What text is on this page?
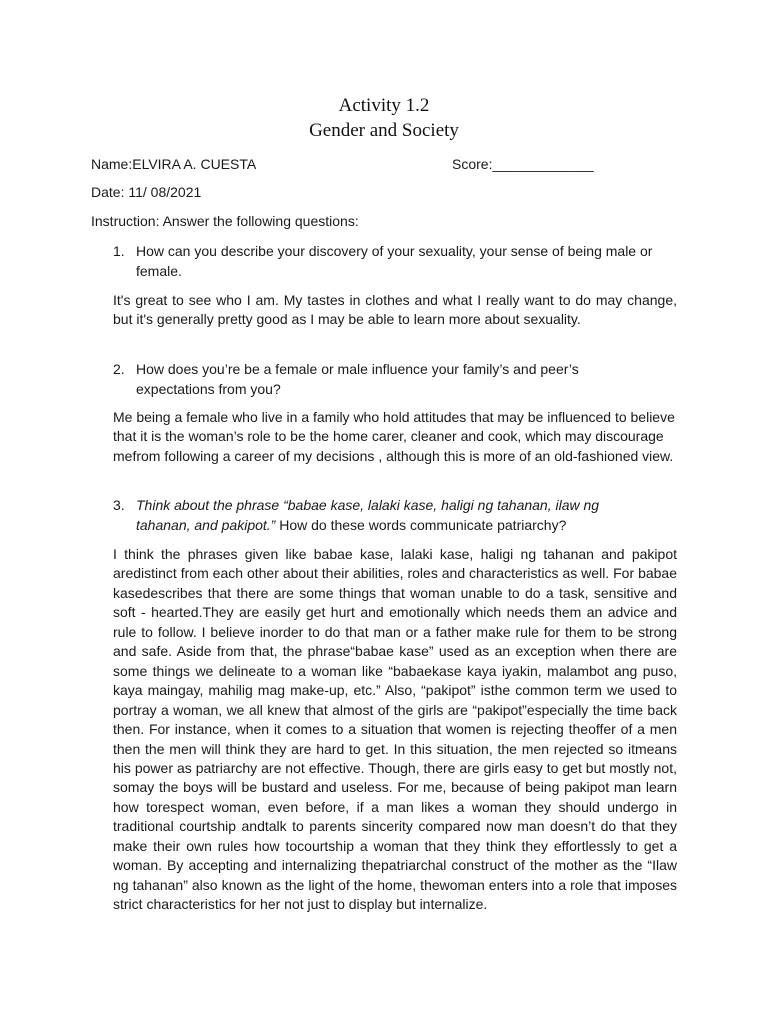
Activity 1.2
Gender and Society
Name:ELVIRA A. CUESTA	Score:_____________
Date: 11/ 08/2021
Instruction: Answer the following questions:
1. How can you describe your discovery of your sexuality, your sense of being male or female.
It's great to see who I am. My tastes in clothes and what I really want to do may change, but it's generally pretty good as I may be able to learn more about sexuality.
2. How does you’re be a female or male influence your family’s and peer’s expectations from you?
Me being a female who live in a family who hold attitudes that may be influenced to believe that it is the woman’s role to be the home carer, cleaner and cook, which may discourage mefrom following a career of my decisions , although this is more of an old-fashioned view.
3. Think about the phrase “babae kase, lalaki kase, haligi ng tahanan, ilaw ng tahanan, and pakipot.” How do these words communicate patriarchy?
I think the phrases given like babae kase, lalaki kase, haligi ng tahanan and pakipot aredistinct from each other about their abilities, roles and characteristics as well. For babae kasedescribes that there are some things that woman unable to do a task, sensitive and soft - hearted.They are easily get hurt and emotionally which needs them an advice and rule to follow. I believe inorder to do that man or a father make rule for them to be strong and safe. Aside from that, the phrase“babae kase” used as an exception when there are some things we delineate to a woman like “babaekase kaya iyakin, malambot ang puso, kaya maingay, mahilig mag make-up, etc.” Also, “pakipot” isthe common term we used to portray a woman, we all knew that almost of the girls are “pakipot”especially the time back then. For instance, when it comes to a situation that women is rejecting theoffer of a men then the men will think they are hard to get. In this situation, the men rejected so itmeans his power as patriarchy are not effective. Though, there are girls easy to get but mostly not, somay the boys will be bustard and useless. For me, because of being pakipot man learn how torespect woman, even before, if a man likes a woman they should undergo in traditional courtship andtalk to parents sincerity compared now man doesn’t do that they make their own rules how tocourtship a woman that they think they effortlessly to get a woman. By accepting and internalizing thepatriarchal construct of the mother as the “Ilaw ng tahanan” also known as the light of the home, thewoman enters into a role that imposes strict characteristics for her not just to display but internalize.
